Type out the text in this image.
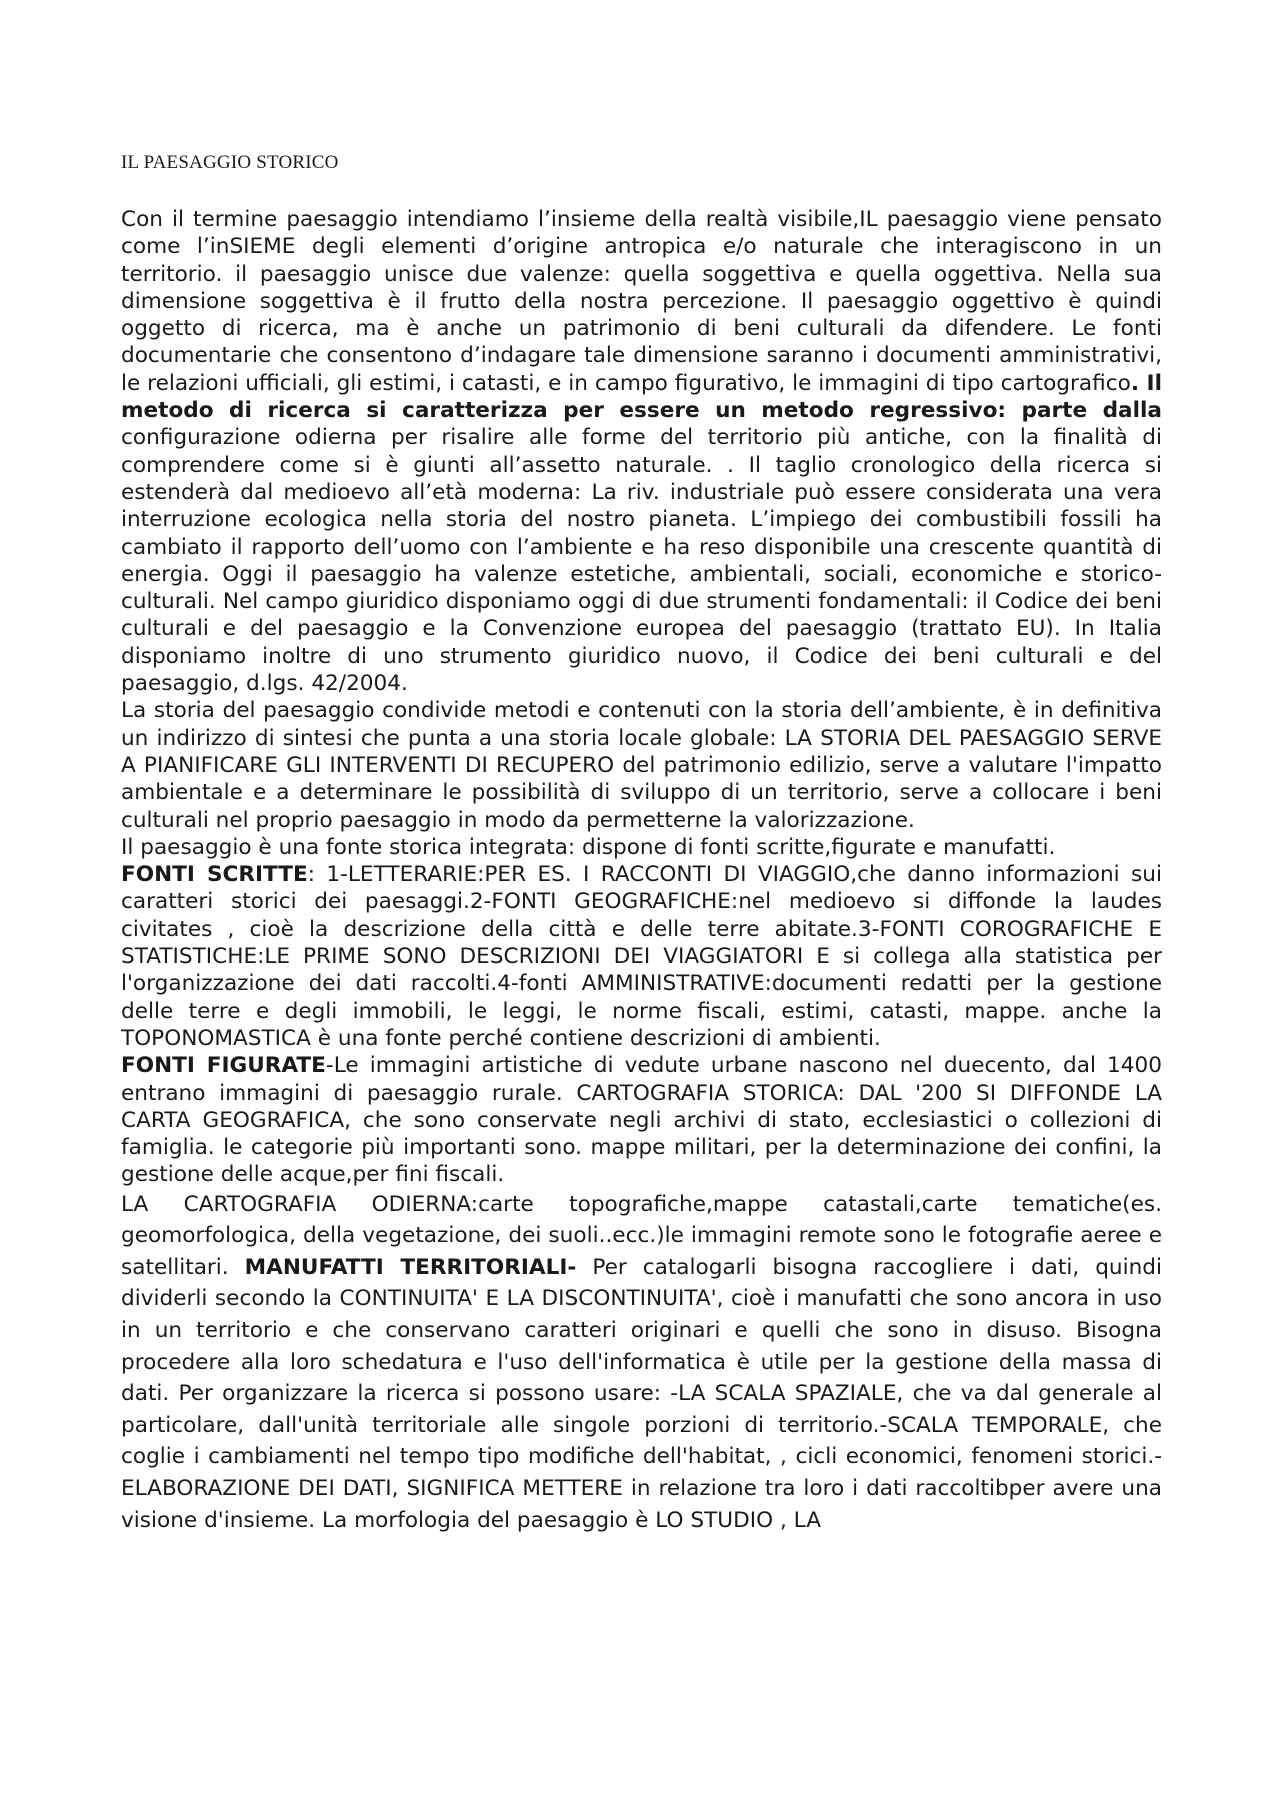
IL PAESAGGIO STORICO

Con il termine paesaggio intendiamo l’insieme della realtà visibile,IL paesaggio viene pensato come l’inSIEME degli elementi d’origine antropica e/o naturale che interagiscono in un territorio. il paesaggio unisce due valenze: quella soggettiva e quella oggettiva. Nella sua dimensione soggettiva è il frutto della nostra percezione. Il paesaggio oggettivo è quindi oggetto di ricerca, ma è anche un patrimonio di beni culturali da difendere. Le fonti documentarie che consentono d’indagare tale dimensione saranno i documenti amministrativi, le relazioni ufficiali, gli estimi, i catasti, e in campo figurativo, le immagini di tipo cartografico. Il metodo di ricerca si caratterizza per essere un metodo regressivo: parte dalla configurazione odierna per risalire alle forme del territorio più antiche, con la finalità di comprendere come si è giunti all’assetto naturale. . Il taglio cronologico della ricerca si estenderà dal medioevo all’età moderna: La riv. industriale può essere considerata una vera interruzione ecologica nella storia del nostro pianeta. L’impiego dei combustibili fossili ha cambiato il rapporto dell’uomo con l’ambiente e ha reso disponibile una crescente quantità di energia. Oggi il paesaggio ha valenze estetiche, ambientali, sociali, economiche e storico-culturali. Nel campo giuridico disponiamo oggi di due strumenti fondamentali: il Codice dei beni culturali e del paesaggio e la Convenzione europea del paesaggio (trattato EU). In Italia disponiamo inoltre di uno strumento giuridico nuovo, il Codice dei beni culturali e del paesaggio, d.lgs. 42/2004.

La storia del paesaggio condivide metodi e contenuti con la storia dell’ambiente, è in definitiva un indirizzo di sintesi che punta a una storia locale globale: LA STORIA DEL PAESAGGIO SERVE A PIANIFICARE GLI INTERVENTI DI RECUPERO del patrimonio edilizio, serve a valutare l'impatto ambientale e a determinare le possibilità di sviluppo di un territorio, serve a collocare i beni culturali nel proprio paesaggio in modo da permetterne la valorizzazione.

Il paesaggio è una fonte storica integrata: dispone di fonti scritte,figurate e manufatti.

FONTI SCRITTE: 1-LETTERARIE:PER ES. I RACCONTI DI VIAGGIO,che danno informazioni sui caratteri storici dei paesaggi.2-FONTI GEOGRAFICHE:nel medioevo si diffonde la laudes civitates , cioè la descrizione della città e delle terre abitate.3-FONTI COROGRAFICHE E STATISTICHE:LE PRIME SONO DESCRIZIONI DEI VIAGGIATORI E si collega alla statistica per l'organizzazione dei dati raccolti.4-fonti AMMINISTRATIVE:documenti redatti per la gestione delle terre e degli immobili, le leggi, le norme fiscali, estimi, catasti, mappe. anche la TOPONOMASTICA è una fonte perché contiene descrizioni di ambienti.

FONTI FIGURATE-Le immagini artistiche di vedute urbane nascono nel duecento, dal 1400 entrano immagini di paesaggio rurale. CARTOGRAFIA STORICA: DAL '200 SI DIFFONDE LA CARTA GEOGRAFICA, che sono conservate negli archivi di stato, ecclesiastici o collezioni di famiglia. le categorie più importanti sono. mappe militari, per la determinazione dei confini, la gestione delle acque,per fini fiscali.

LA CARTOGRAFIA ODIERNA:carte topografiche,mappe catastali,carte tematiche(es. geomorfologica, della vegetazione, dei suoli..ecc.)le immagini remote sono le fotografie aeree e satellitari. MANUFATTI TERRITORIALI- Per catalogarli bisogna raccogliere i dati, quindi dividerli secondo la CONTINUITA' E LA DISCONTINUITA', cioè i manufatti che sono ancora in uso in un territorio e che conservano caratteri originari e quelli che sono in disuso. Bisogna procedere alla loro schedatura e l'uso dell'informatica è utile per la gestione della massa di dati. Per organizzare la ricerca si possono usare: -LA SCALA SPAZIALE, che va dal generale al particolare, dall'unità territoriale alle singole porzioni di territorio.-SCALA TEMPORALE, che coglie i cambiamenti nel tempo tipo modifiche dell'habitat, , cicli economici, fenomeni storici.-ELABORAZIONE DEI DATI, SIGNIFICA METTERE in relazione tra loro i dati raccoltibper avere una visione d'insieme. La morfologia del paesaggio è LO STUDIO , LA
